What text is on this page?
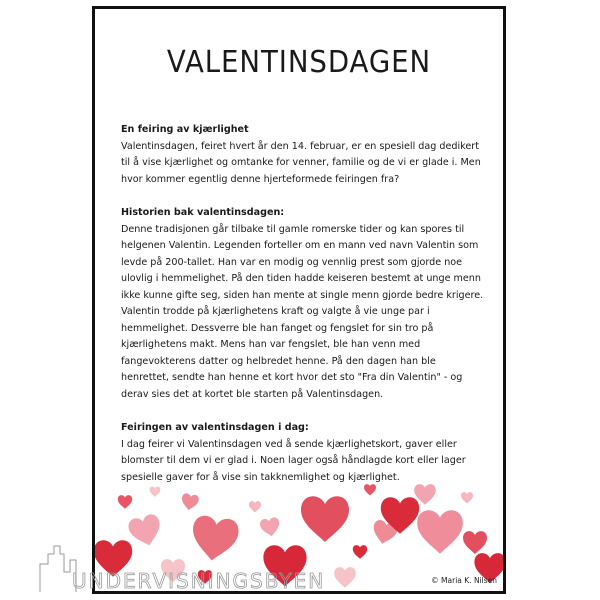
VALENTINSDAGEN
En feiring av kjærlighet
Valentinsdagen, feiret hvert år den 14. februar, er en spesiell dag dedikert til å vise kjærlighet og omtanke for venner, familie og de vi er glade i. Men hvor kommer egentlig denne hjerteformede feiringen fra?
Historien bak valentinsdagen:
Denne tradisjonen går tilbake til gamle romerske tider og kan spores til helgenen Valentin. Legenden forteller om en mann ved navn Valentin som levde på 200-tallet. Han var en modig og vennlig prest som gjorde noe ulovlig i hemmelighet. På den tiden hadde keiseren bestemt at unge menn ikke kunne gifte seg, siden han mente at single menn gjorde bedre krigere. Valentin trodde på kjærlighetens kraft og valgte å vie unge par i hemmelighet. Dessverre ble han fanget og fengslet for sin tro på kjærlighetens makt. Mens han var fengslet, ble han venn med fangevokterens datter og helbredet henne. På den dagen han ble henrettet, sendte han henne et kort hvor det sto "Fra din Valentin" - og derav sies det at kortet ble starten på Valentinsdagen.
Feiringen av valentinsdagen i dag:
I dag feirer vi Valentinsdagen ved å sende kjærlighetskort, gaver eller blomster til dem vi er glad i. Noen lager også håndlagde kort eller lager spesielle gaver for å vise sin takknemlighet og kjærlighet.
© Maria K. Nilsen
UNDERVISNINGSBYEN
